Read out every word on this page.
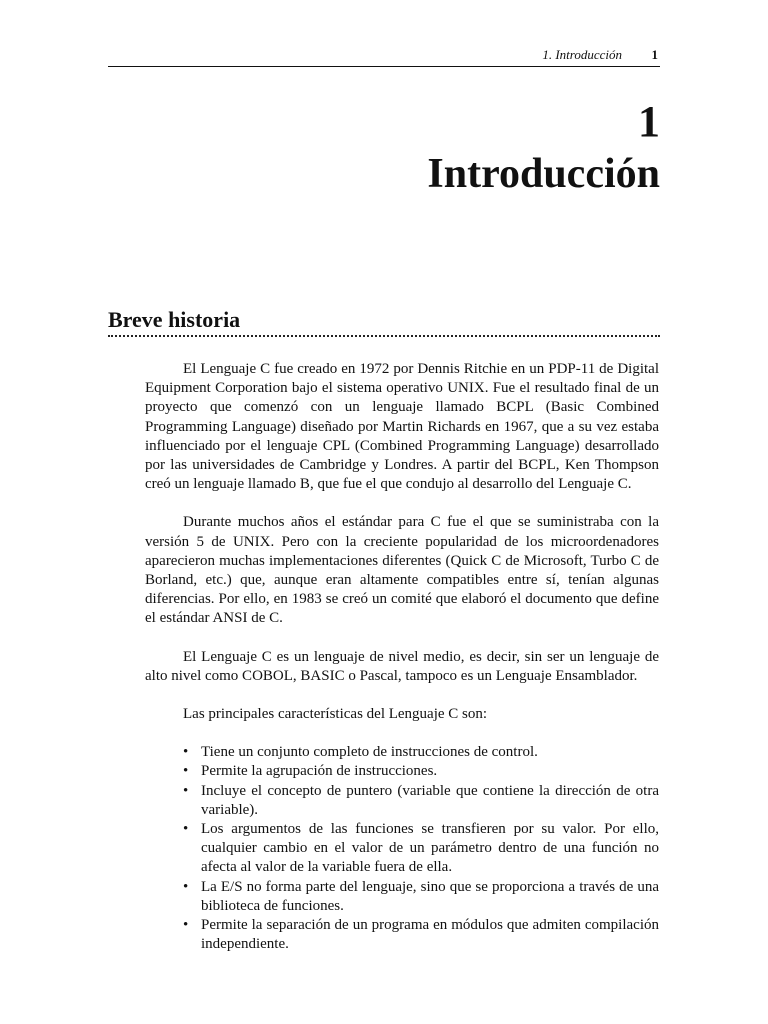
1. Introducción 1
1
Introducción
Breve historia

El Lenguaje C fue creado en 1972 por Dennis Ritchie en un PDP-11 de Digital Equipment Corporation bajo el sistema operativo UNIX. Fue el resultado final de un proyecto que comenzó con un lenguaje llamado BCPL (Basic Combined Programming Language) diseñado por Martin Richards en 1967, que a su vez estaba influenciado por el lenguaje CPL (Combined Programming Language) desarrollado por las universidades de Cambridge y Londres. A partir del BCPL, Ken Thompson creó un lenguaje llamado B, que fue el que condujo al desarrollo del Lenguaje C.

Durante muchos años el estándar para C fue el que se suministraba con la versión 5 de UNIX. Pero con la creciente popularidad de los microordenadores aparecieron muchas implementaciones diferentes (Quick C de Microsoft, Turbo C de Borland, etc.) que, aunque eran altamente compatibles entre sí, tenían algunas diferencias. Por ello, en 1983 se creó un comité que elaboró el documento que define el estándar ANSI de C.

El Lenguaje C es un lenguaje de nivel medio, es decir, sin ser un lenguaje de alto nivel como COBOL, BASIC o Pascal, tampoco es un Lenguaje Ensamblador.

Las principales características del Lenguaje C son:

• Tiene un conjunto completo de instrucciones de control.
• Permite la agrupación de instrucciones.
• Incluye el concepto de puntero (variable que contiene la dirección de otra variable).
• Los argumentos de las funciones se transfieren por su valor. Por ello, cualquier cambio en el valor de un parámetro dentro de una función no afecta al valor de la variable fuera de ella.
• La E/S no forma parte del lenguaje, sino que se proporciona a través de una biblioteca de funciones.
• Permite la separación de un programa en módulos que admiten compilación independiente.
